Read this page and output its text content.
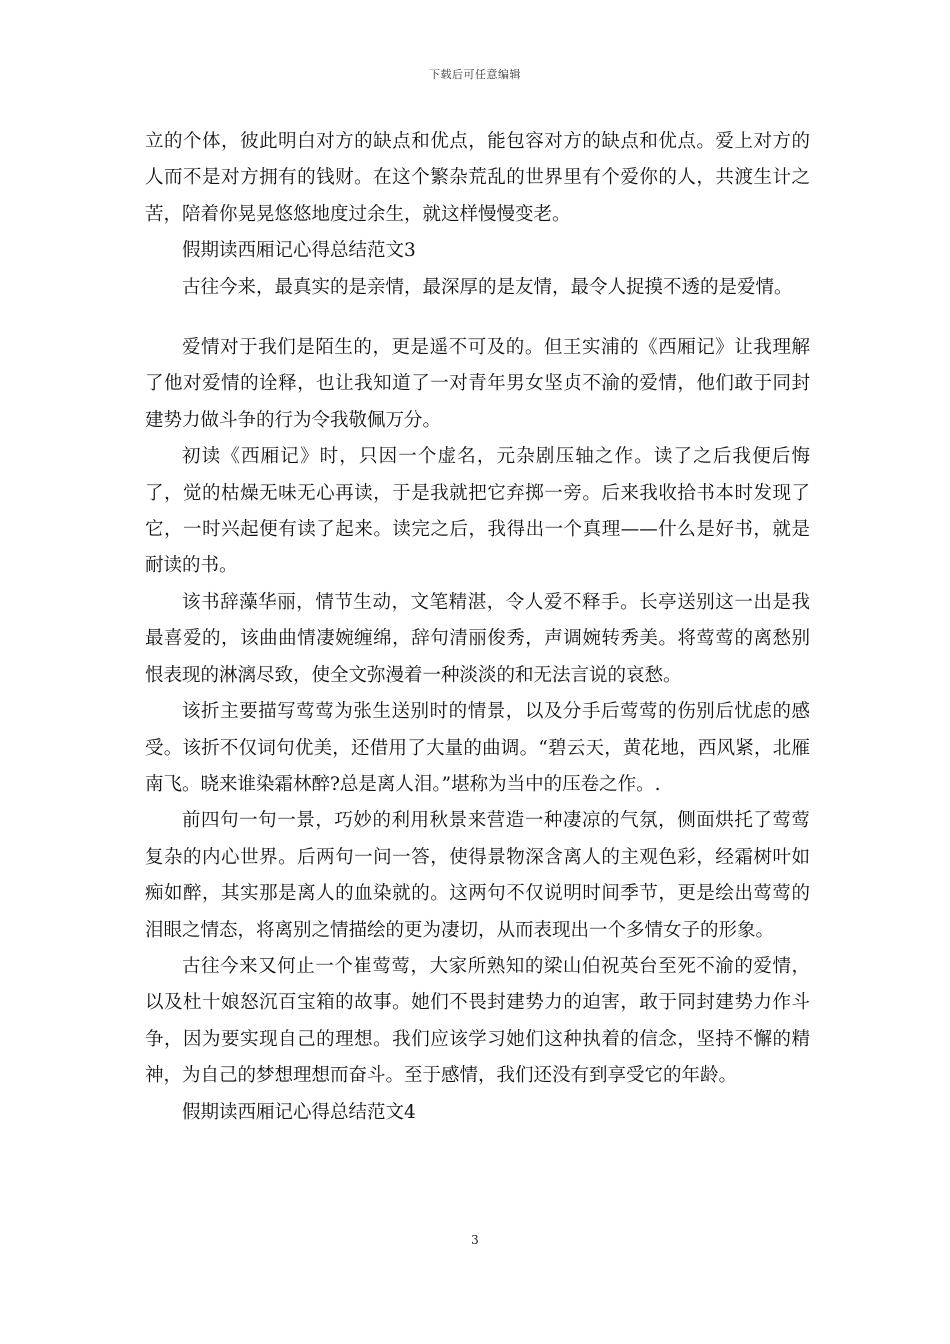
下载后可任意编辑

立的个体，彼此明白对方的缺点和优点，能包容对方的缺点和优点。爱上对方的人而不是对方拥有的钱财。在这个繁杂荒乱的世界里有个爱你的人，共渡生计之苦，陪着你晃晃悠悠地度过余生，就这样慢慢变老。

假期读西厢记心得总结范文3

古往今来，最真实的是亲情，最深厚的是友情，最令人捉摸不透的是爱情。

爱情对于我们是陌生的，更是遥不可及的。但王实浦的《西厢记》让我理解了他对爱情的诠释，也让我知道了一对青年男女坚贞不渝的爱情，他们敢于同封建势力做斗争的行为令我敬佩万分。

初读《西厢记》时，只因一个虚名，元杂剧压轴之作。读了之后我便后悔了，觉的枯燥无味无心再读，于是我就把它弃掷一旁。后来我收拾书本时发现了它，一时兴起便有读了起来。读完之后，我得出一个真理——什么是好书，就是耐读的书。

该书辞藻华丽，情节生动，文笔精湛，令人爱不释手。长亭送别这一出是我最喜爱的，该曲曲情凄婉缠绵，辞句清丽俊秀，声调婉转秀美。将莺莺的离愁别恨表现的淋漓尽致，使全文弥漫着一种淡淡的和无法言说的哀愁。

该折主要描写莺莺为张生送别时的情景，以及分手后莺莺的伤别后忧虑的感受。该折不仅词句优美，还借用了大量的曲调。“碧云天，黄花地，西风紧，北雁南飞。晓来谁染霜林醉?总是离人泪。”堪称为当中的压卷之作。.

前四句一句一景，巧妙的利用秋景来营造一种凄凉的气氛，侧面烘托了莺莺复杂的内心世界。后两句一问一答，使得景物深含离人的主观色彩，经霜树叶如痴如醉，其实那是离人的血染就的。这两句不仅说明时间季节，更是绘出莺莺的泪眼之情态，将离别之情描绘的更为凄切，从而表现出一个多情女子的形象。

古往今来又何止一个崔莺莺，大家所熟知的梁山伯祝英台至死不渝的爱情，以及杜十娘怒沉百宝箱的故事。她们不畏封建势力的迫害，敢于同封建势力作斗争，因为要实现自己的理想。我们应该学习她们这种执着的信念，坚持不懈的精神，为自己的梦想理想而奋斗。至于感情，我们还没有到享受它的年龄。

假期读西厢记心得总结范文4

3
